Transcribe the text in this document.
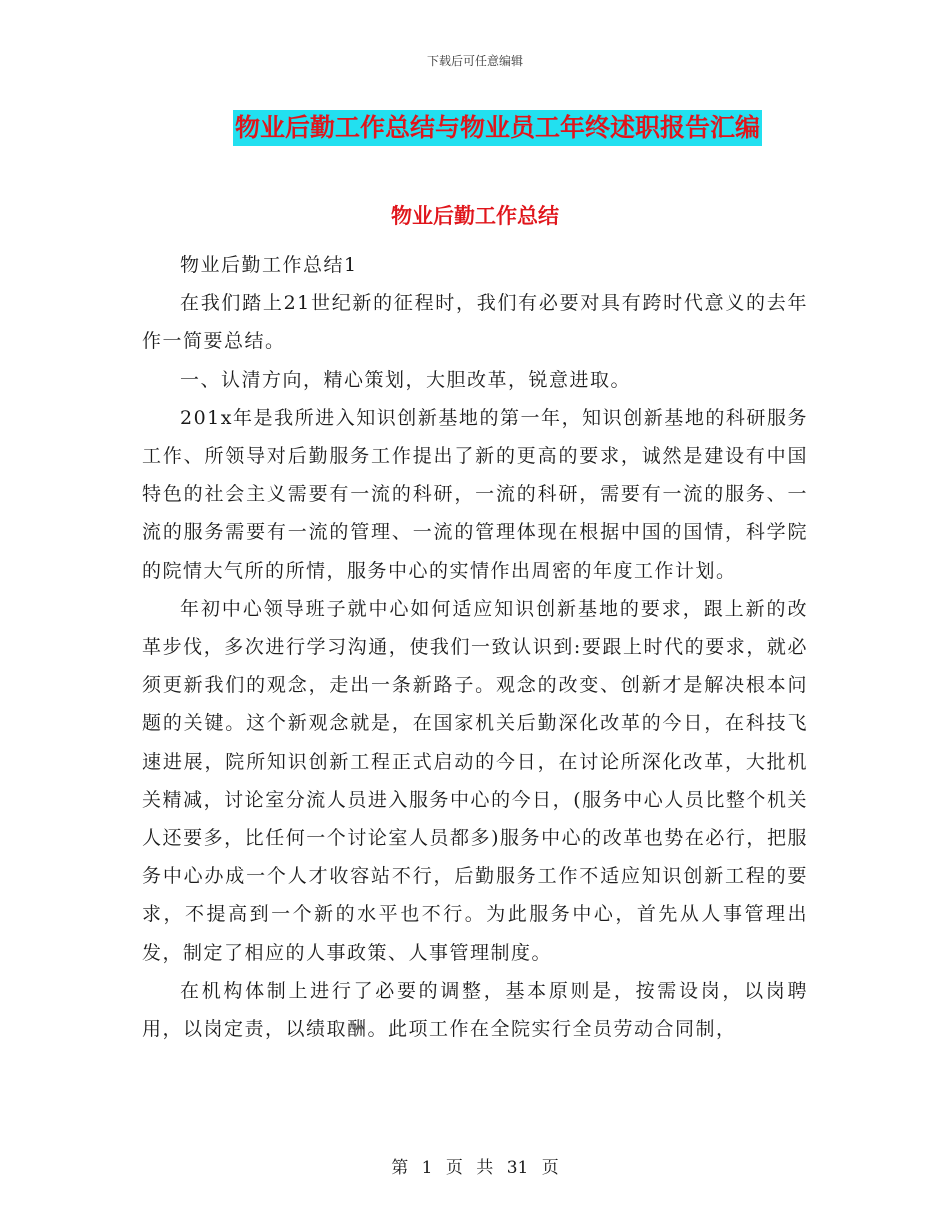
下载后可任意编辑
物业后勤工作总结与物业员工年终述职报告汇编
物业后勤工作总结

物业后勤工作总结1

在我们踏上21世纪新的征程时，我们有必要对具有跨时代意义的去年作一简要总结。

一、认清方向，精心策划，大胆改革，锐意进取。

201x年是我所进入知识创新基地的第一年，知识创新基地的科研服务工作、所领导对后勤服务工作提出了新的更高的要求，诚然是建设有中国特色的社会主义需要有一流的科研，一流的科研，需要有一流的服务、一流的服务需要有一流的管理、一流的管理体现在根据中国的国情，科学院的院情大气所的所情，服务中心的实情作出周密的年度工作计划。

年初中心领导班子就中心如何适应知识创新基地的要求，跟上新的改革步伐，多次进行学习沟通，使我们一致认识到:要跟上时代的要求，就必须更新我们的观念，走出一条新路子。观念的改变、创新才是解决根本问题的关键。这个新观念就是，在国家机关后勤深化改革的今日，在科技飞速进展，院所知识创新工程正式启动的今日，在讨论所深化改革，大批机关精减，讨论室分流人员进入服务中心的今日，(服务中心人员比整个机关人还要多，比任何一个讨论室人员都多)服务中心的改革也势在必行，把服务中心办成一个人才收容站不行，后勤服务工作不适应知识创新工程的要求，不提高到一个新的水平也不行。为此服务中心，首先从人事管理出发，制定了相应的人事政策、人事管理制度。

在机构体制上进行了必要的调整，基本原则是，按需设岗，以岗聘用，以岗定责，以绩取酬。此项工作在全院实行全员劳动合同制，

第 1 页 共 31 页
